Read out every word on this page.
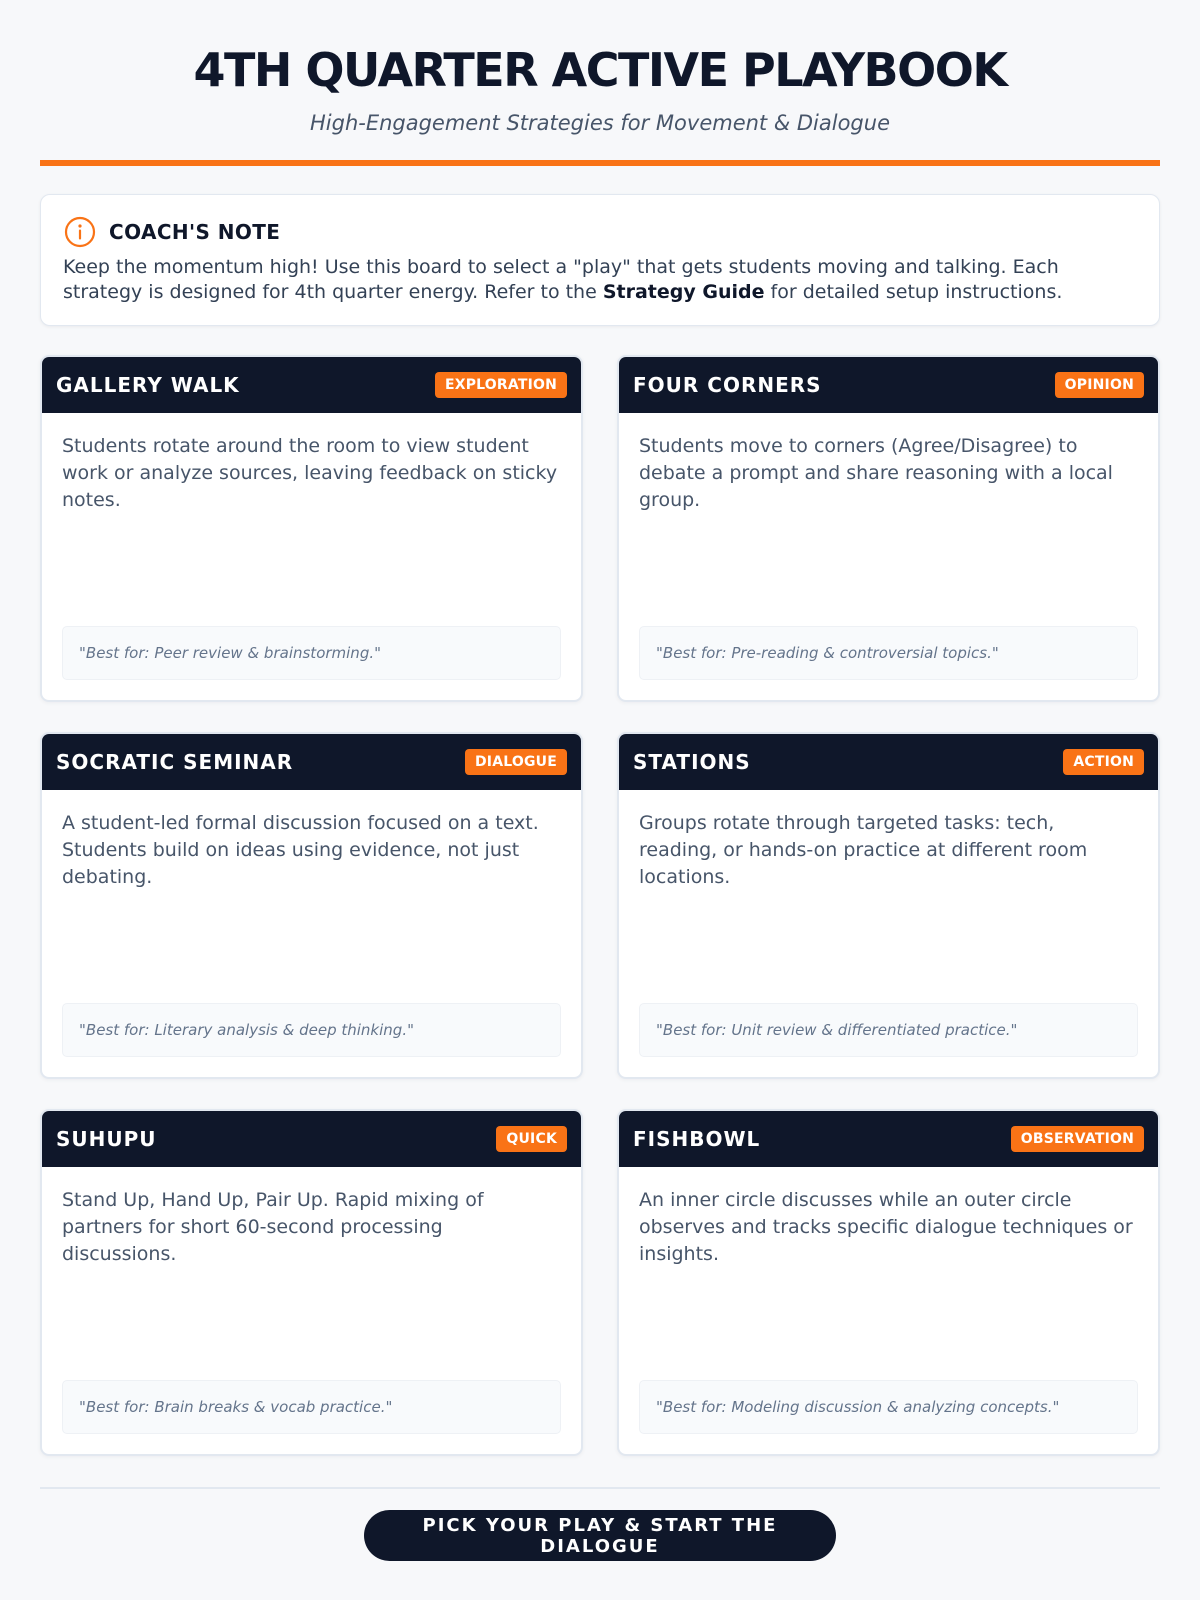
4TH QUARTER ACTIVE PLAYBOOK

High-Engagement Strategies for Movement & Dialogue

COACH'S NOTE

Keep the momentum high! Use this board to select a "play" that gets students moving and talking. Each strategy is designed for 4th quarter energy. Refer to the Strategy Guide for detailed setup instructions.

GALLERY WALK	EXPLORATION

Students rotate around the room to view student work or analyze sources, leaving feedback on sticky notes.

"Best for: Peer review & brainstorming."
FOUR CORNERS	OPINION

Students move to corners (Agree/Disagree) to debate a prompt and share reasoning with a local group.

"Best for: Pre-reading & controversial topics."
SOCRATIC SEMINAR	DIALOGUE

A student-led formal discussion focused on a text. Students build on ideas using evidence, not just debating.

"Best for: Literary analysis & deep thinking."
STATIONS	ACTION

Groups rotate through targeted tasks: tech, reading, or hands-on practice at different room locations.

"Best for: Unit review & differentiated practice."
SUHUPU	QUICK

Stand Up, Hand Up, Pair Up. Rapid mixing of partners for short 60-second processing discussions.

"Best for: Brain breaks & vocab practice."
FISHBOWL	OBSERVATION

An inner circle discusses while an outer circle observes and tracks specific dialogue techniques or insights.

"Best for: Modeling discussion & analyzing concepts."
PICK YOUR PLAY & START THE DIALOGUE
